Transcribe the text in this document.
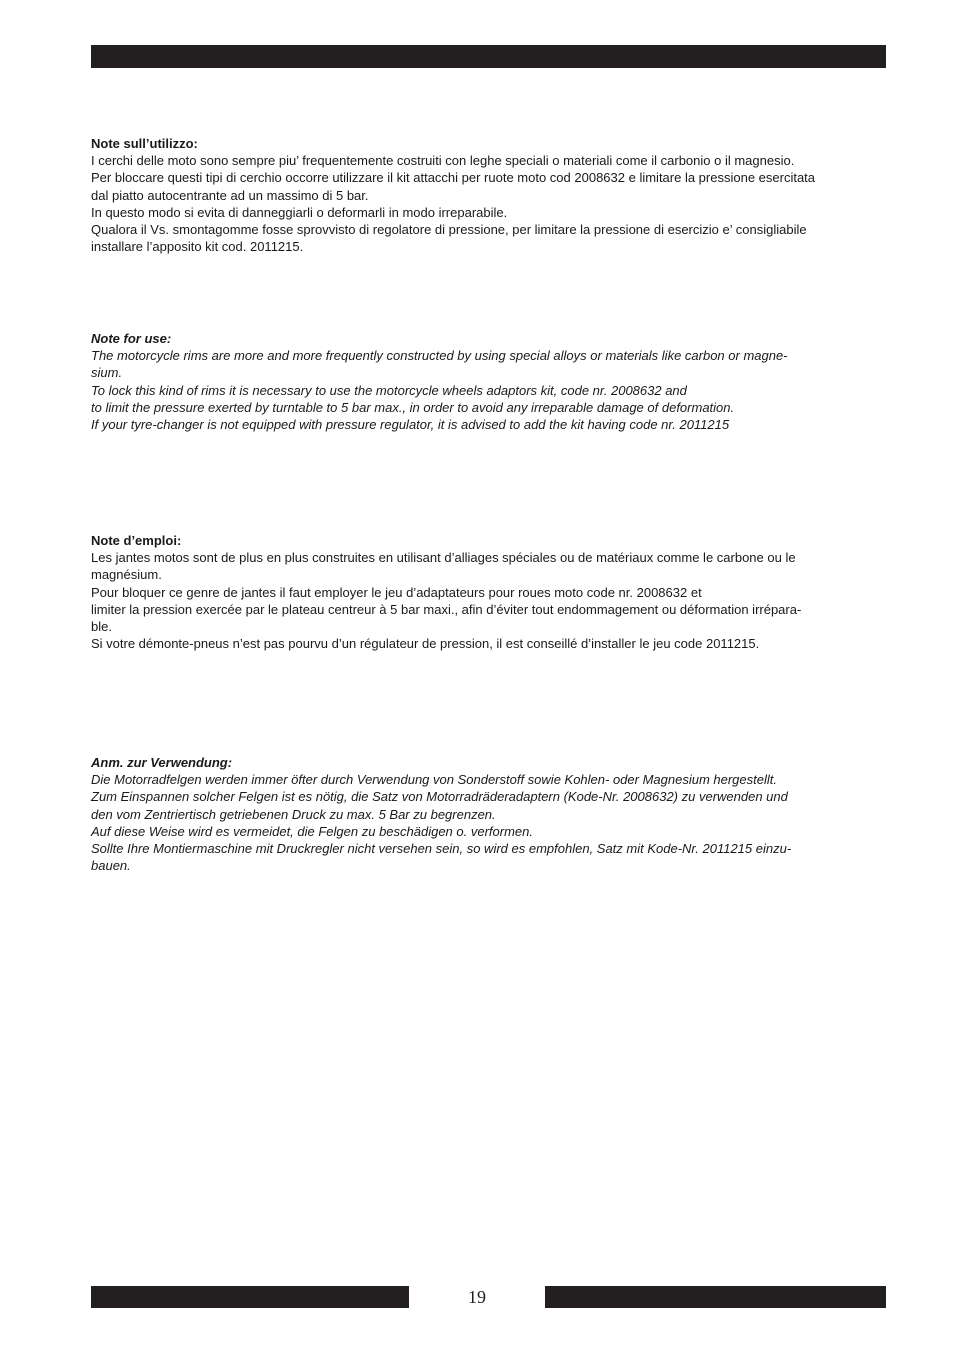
Note sull’utilizzo:

I cerchi delle moto sono sempre piu’ frequentemente costruiti con leghe speciali o materiali come il carbonio o il magnesio.

Per bloccare questi tipi di cerchio occorre utilizzare il kit attacchi per ruote moto cod 2008632 e limitare la pressione esercitata

dal piatto autocentrante ad un massimo di 5 bar.

In questo modo si evita di danneggiarli o deformarli in modo irreparabile.

Qualora il Vs. smontagomme fosse sprovvisto di regolatore di pressione, per limitare la pressione di esercizio e’ consigliabile

installare l’apposito kit cod. 2011215.

Note for use:

The motorcycle rims are more and more frequently constructed by using special alloys or materials like carbon or magne-

sium.

To lock this kind of rims it is necessary to use the motorcycle wheels adaptors kit, code nr. 2008632 and

to limit the pressure exerted by turntable to 5 bar max., in order to avoid any irreparable damage of deformation.

If your tyre-changer is not equipped with pressure regulator, it is advised to add the kit having code nr. 2011215

Note d’emploi:

Les jantes motos sont de plus en plus construites en utilisant d’alliages spéciales ou de matériaux comme le carbone ou le

magnésium.

Pour bloquer ce genre de jantes il faut employer le jeu d’adaptateurs pour roues moto code nr. 2008632 et

limiter la pression exercée par le plateau centreur à 5 bar maxi., afin d’éviter tout endommagement ou déformation irrépara-

ble.

Si votre démonte-pneus n’est pas pourvu d’un régulateur de pression, il est conseillé d’installer le jeu code 2011215.

Anm. zur Verwendung:

Die Motorradfelgen werden immer öfter durch Verwendung von Sonderstoff sowie Kohlen- oder Magnesium hergestellt.

Zum Einspannen solcher Felgen ist es nötig, die Satz von Motorradräderadaptern (Kode-Nr. 2008632) zu verwenden und

den vom Zentriertisch getriebenen Druck zu max. 5 Bar zu begrenzen.

Auf diese Weise wird es vermeidet, die Felgen zu beschädigen o. verformen.

Sollte Ihre Montiermaschine mit Druckregler nicht versehen sein, so wird es empfohlen, Satz mit Kode-Nr. 2011215 einzu-

bauen.

19
